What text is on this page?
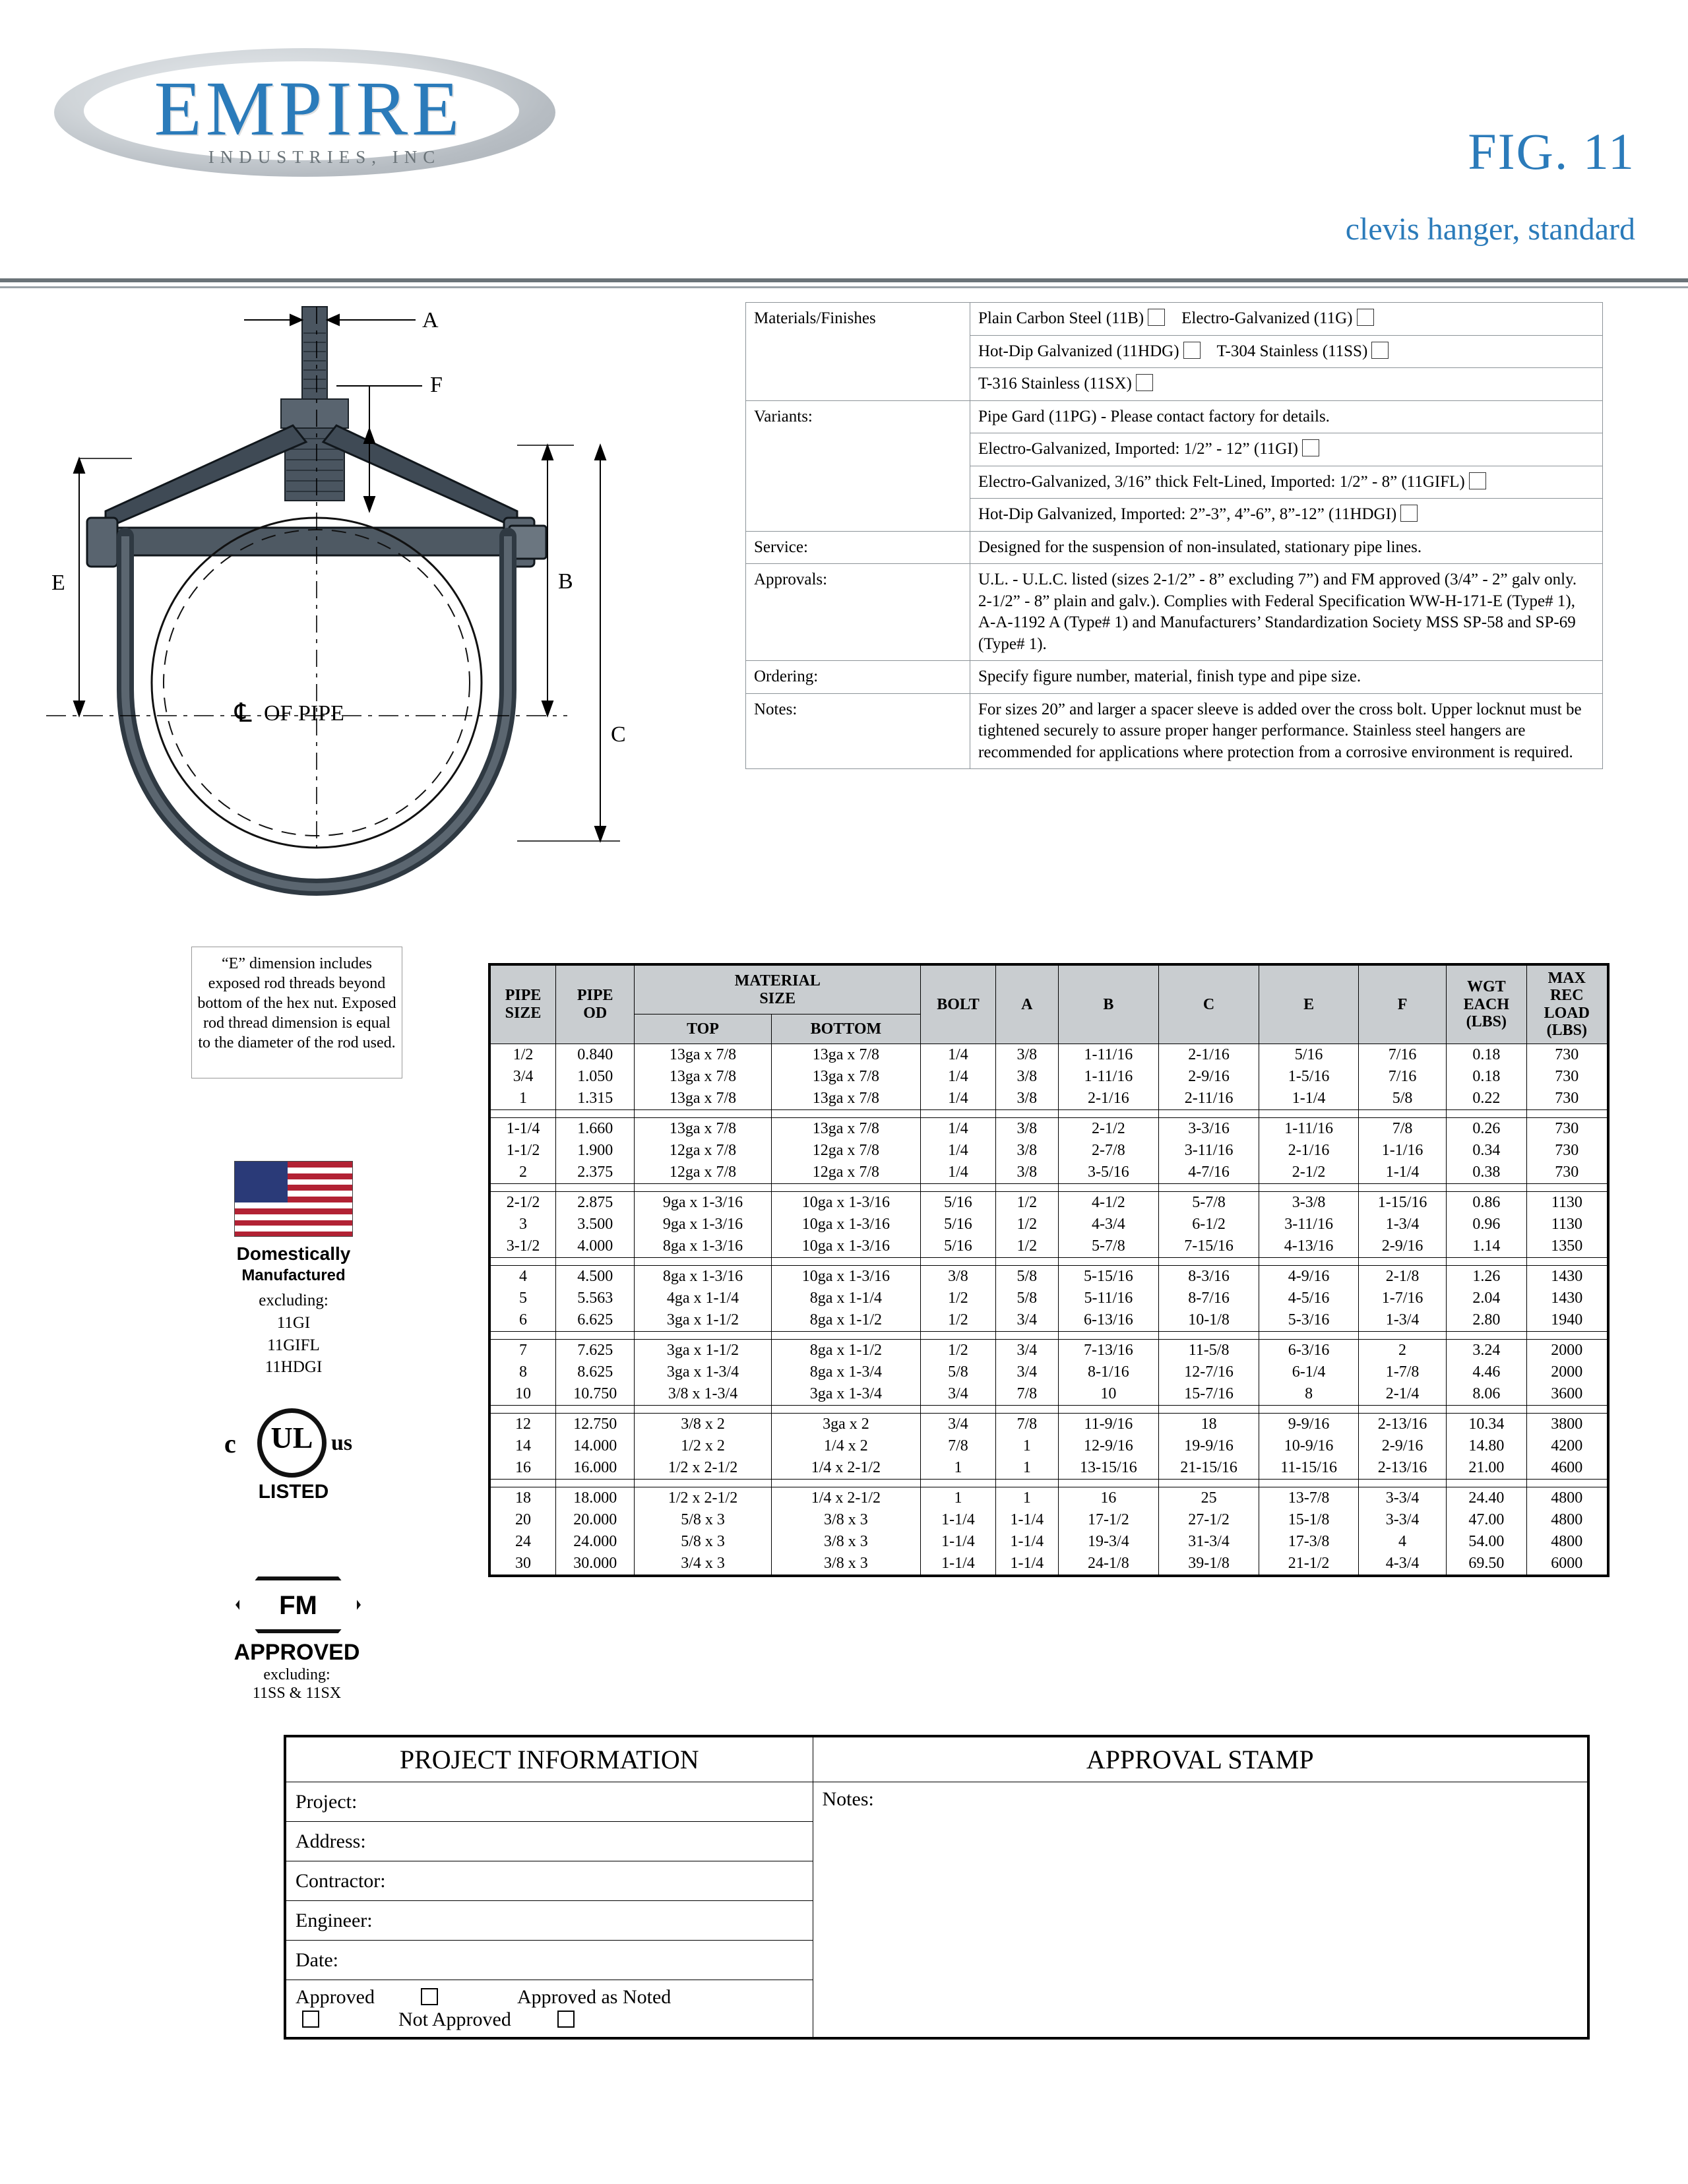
EMPIRE
INDUSTRIES, INC	FIG. 11
clevis hanger, standard
A
F
E	B
C
℄ OF PIPE
“E” dimension includes exposed rod threads beyond bottom of the hex nut. Exposed rod thread dimension is equal to the diameter of the rod used.
Domestically
Manufactured
excluding:
11GI
11GIFL
11HDGI
c	UL us
LISTED
FM
APPROVED
excluding:
11SS & 11SX
Materials/Finishes	Plain Carbon Steel (11B)  Electro-Galvanized (11G)
	Hot-Dip Galvanized (11HDG)  T-304 Stainless (11SS)
	T-316 Stainless (11SX)
Variants:	Pipe Gard (11PG) - Please contact factory for details.
	Electro-Galvanized, Imported: 1/2” - 12” (11GI)
	Electro-Galvanized, 3/16” thick Felt-Lined, Imported: 1/2” - 8” (11GIFL)
	Hot-Dip Galvanized, Imported: 2”-3”, 4”-6”, 8”-12” (11HDGI)
Service:	Designed for the suspension of non-insulated, stationary pipe lines.
Approvals:	U.L. - U.L.C. listed (sizes 2-1/2” - 8” excluding 7”) and FM approved (3/4” - 2” galv only. 2-1/2” - 8” plain and galv.). Complies with Federal Specification WW-H-171-E (Type# 1), A-A-1192 A (Type# 1) and Manufacturers’ Standardization Society MSS SP-58 and SP-69 (Type# 1).
Ordering:	Specify figure number, material, finish type and pipe size.
Notes:	For sizes 20” and larger a spacer sleeve is added over the cross bolt. Upper locknut must be tightened securely to assure proper hanger performance. Stainless steel hangers are recommended for applications where protection from a corrosive environment is required.
PIPE
SIZE	PIPE
OD	MATERIAL
SIZE		BOLT	A	B	C	E	F	WGT
EACH
(LBS)	MAX
REC
LOAD
(LBS)
		TOP	BOTTOM								
1/2	0.840	13ga x 7/8	13ga x 7/8	1/4	3/8	1-11/16	2-1/16	5/16	7/16	0.18	730
3/4	1.050	13ga x 7/8	13ga x 7/8	1/4	3/8	1-11/16	2-9/16	1-5/16	7/16	0.18	730
1	1.315	13ga x 7/8	13ga x 7/8	1/4	3/8	2-1/16	2-11/16	1-1/4	5/8	0.22	730

1-1/4	1.660	13ga x 7/8	13ga x 7/8	1/4	3/8	2-1/2	3-3/16	1-11/16	7/8	0.26	730
1-1/2	1.900	12ga x 7/8	12ga x 7/8	1/4	3/8	2-7/8	3-11/16	2-1/16	1-1/16	0.34	730
2	2.375	12ga x 7/8	12ga x 7/8	1/4	3/8	3-5/16	4-7/16	2-1/2	1-1/4	0.38	730

2-1/2	2.875	9ga x 1-3/16	10ga x 1-3/16	5/16	1/2	4-1/2	5-7/8	3-3/8	1-15/16	0.86	1130
3	3.500	9ga x 1-3/16	10ga x 1-3/16	5/16	1/2	4-3/4	6-1/2	3-11/16	1-3/4	0.96	1130
3-1/2	4.000	8ga x 1-3/16	10ga x 1-3/16	5/16	1/2	5-7/8	7-15/16	4-13/16	2-9/16	1.14	1350

4	4.500	8ga x 1-3/16	10ga x 1-3/16	3/8	5/8	5-15/16	8-3/16	4-9/16	2-1/8	1.26	1430
5	5.563	4ga x 1-1/4	8ga x 1-1/4	1/2	5/8	5-11/16	8-7/16	4-5/16	1-7/16	2.04	1430
6	6.625	3ga x 1-1/2	8ga x 1-1/2	1/2	3/4	6-13/16	10-1/8	5-3/16	1-3/4	2.80	1940

7	7.625	3ga x 1-1/2	8ga x 1-1/2	1/2	3/4	7-13/16	11-5/8	6-3/16	2	3.24	2000
8	8.625	3ga x 1-3/4	8ga x 1-3/4	5/8	3/4	8-1/16	12-7/16	6-1/4	1-7/8	4.46	2000
10	10.750	3/8 x 1-3/4	3ga x 1-3/4	3/4	7/8	10	15-7/16	8	2-1/4	8.06	3600

12	12.750	3/8 x 2	3ga x 2	3/4	7/8	11-9/16	18	9-9/16	2-13/16	10.34	3800
14	14.000	1/2 x 2	1/4 x 2	7/8	1	12-9/16	19-9/16	10-9/16	2-9/16	14.80	4200
16	16.000	1/2 x 2-1/2	1/4 x 2-1/2	1	1	13-15/16	21-15/16	11-15/16	2-13/16	21.00	4600

18	18.000	1/2 x 2-1/2	1/4 x 2-1/2	1	1	16	25	13-7/8	3-3/4	24.40	4800
20	20.000	5/8 x 3	3/8 x 3	1-1/4	1-1/4	17-1/2	27-1/2	15-1/8	3-3/4	47.00	4800
24	24.000	5/8 x 3	3/8 x 3	1-1/4	1-1/4	19-3/4	31-3/4	17-3/8	4	54.00	4800
30	30.000	3/4 x 3	3/8 x 3	1-1/4	1-1/4	24-1/8	39-1/8	21-1/2	4-3/4	69.50	6000
PROJECT INFORMATION	APPROVAL STAMP
Project:	Notes:
Address:	
Contractor:	
Engineer:	
Date:	
Approved Approved as NotedNot Approved	
